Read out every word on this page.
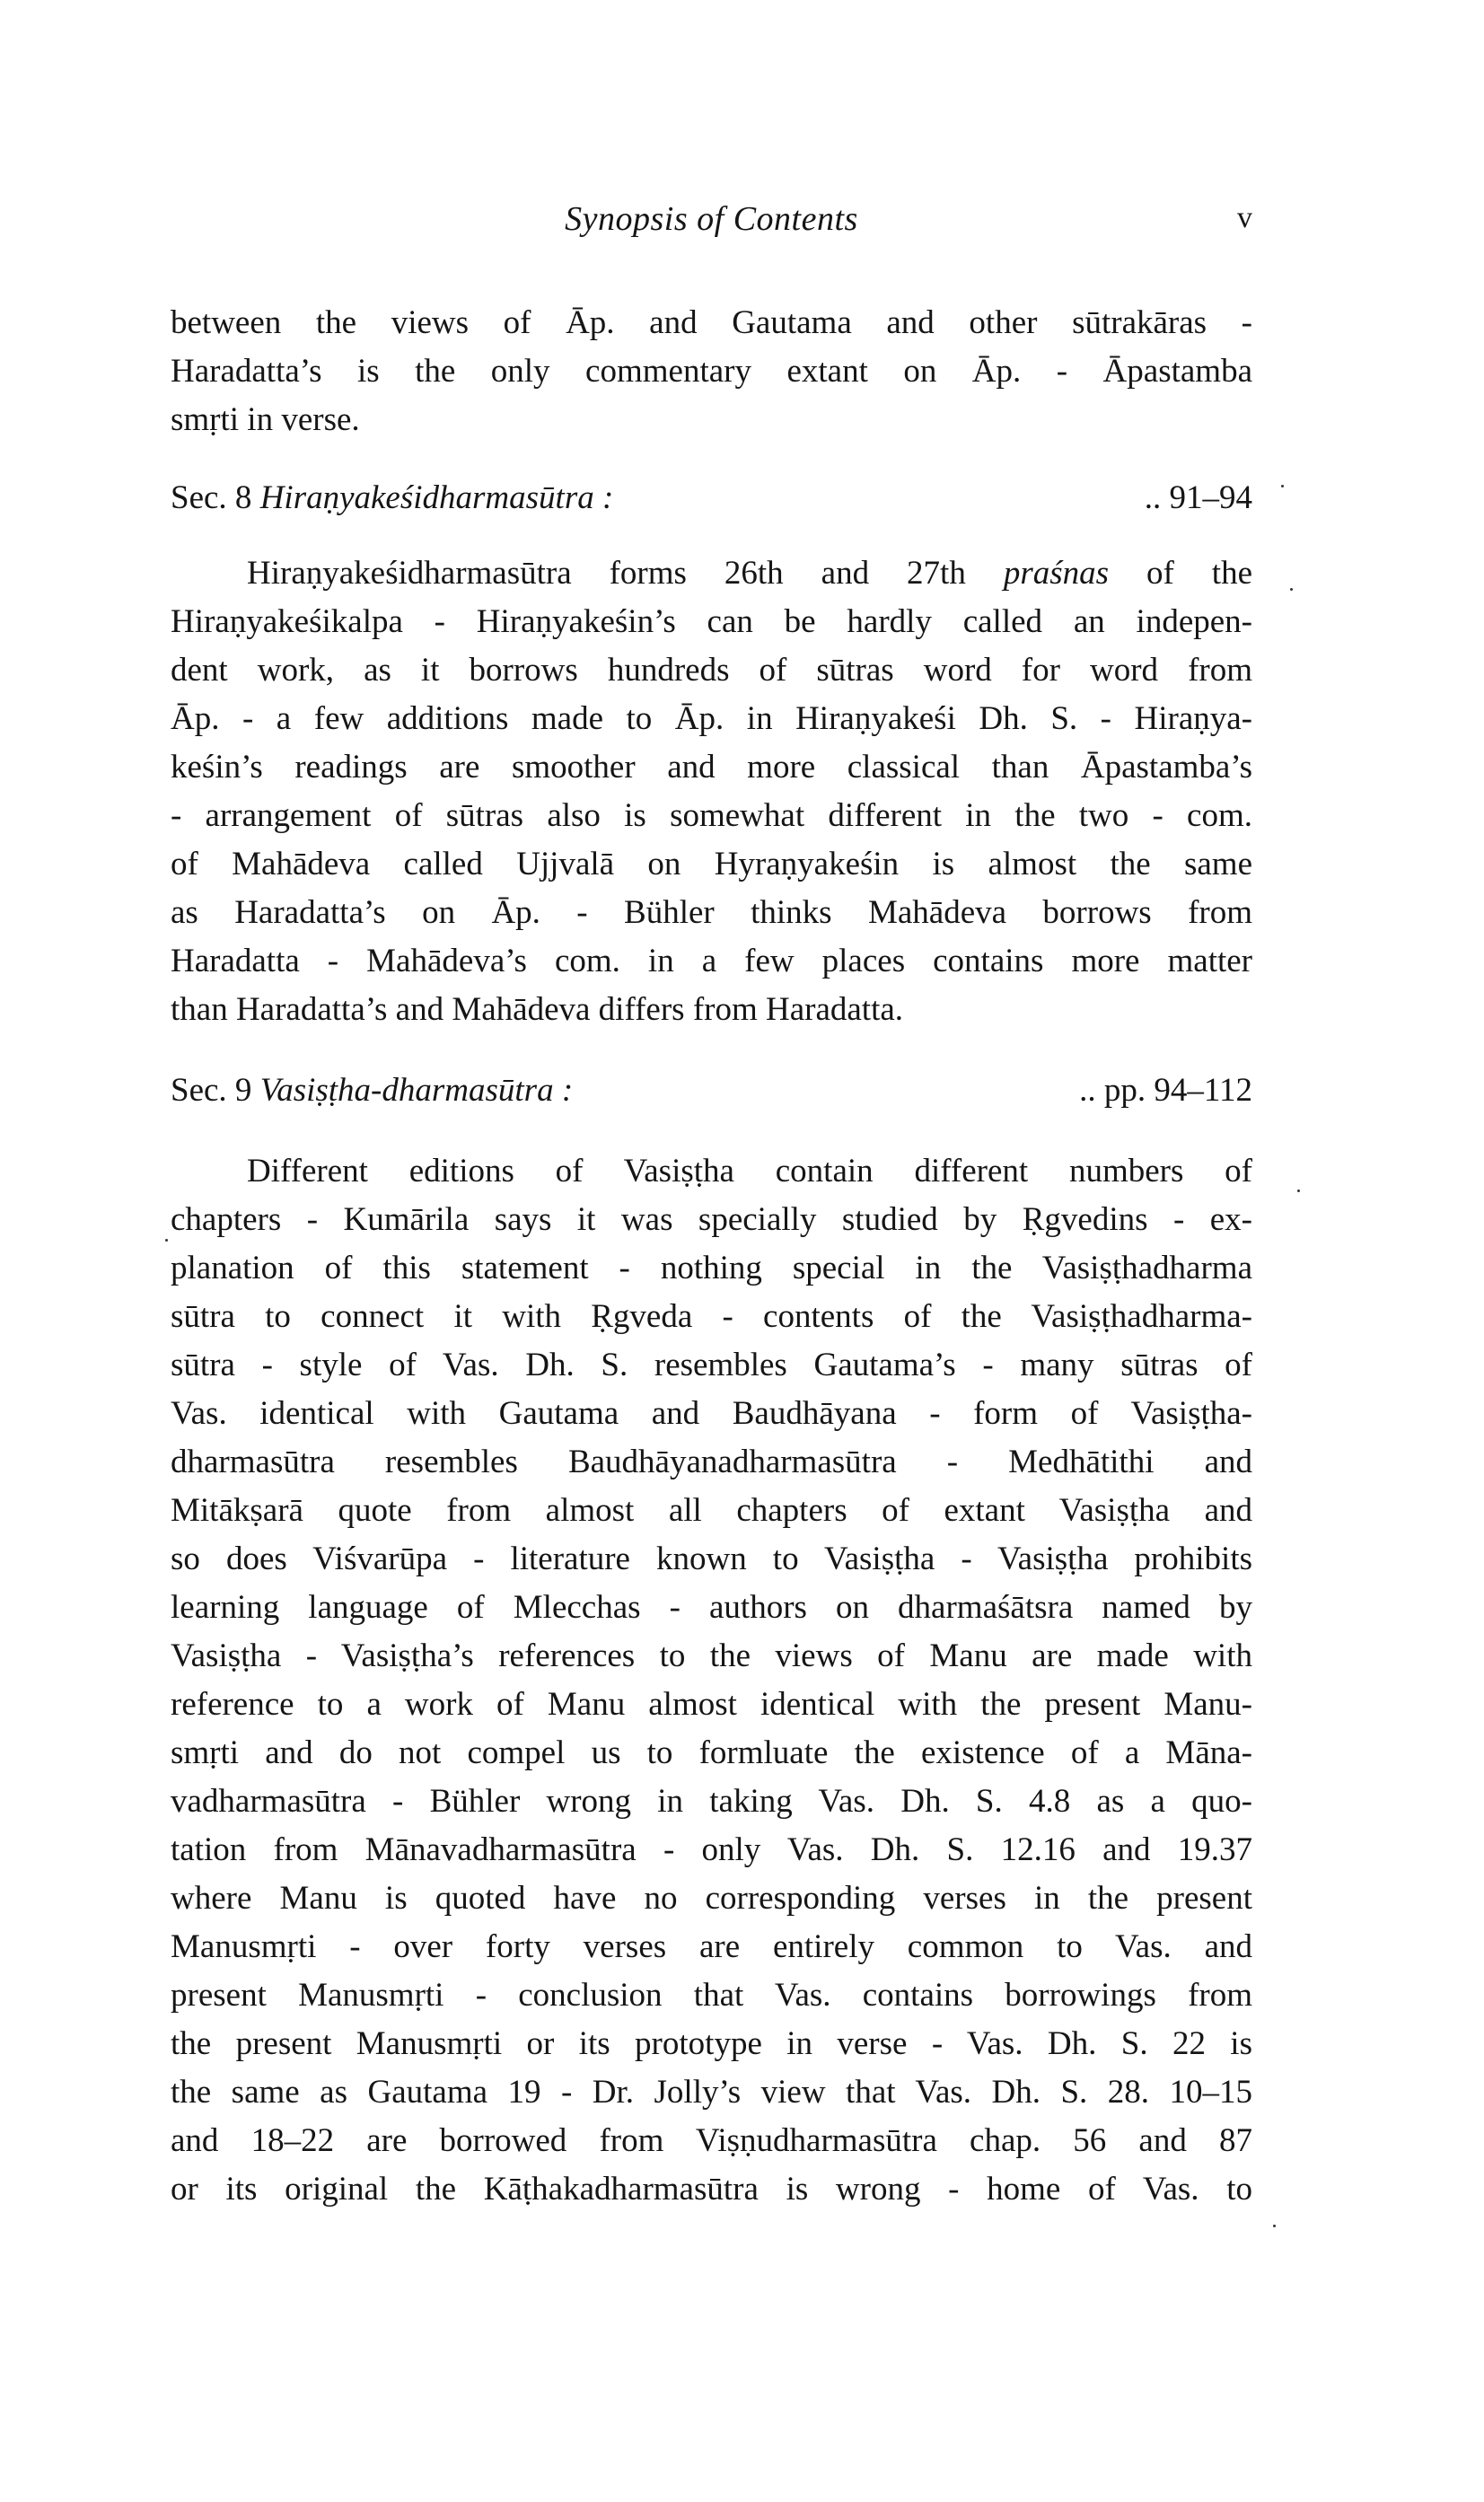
Synopsis of Contents	v
between the views of Āp. and Gautama and other sūtrakāras -
Haradatta’s is the only commentary extant on Āp. - Āpastamba
smṛti in verse.
Sec. 8 Hiraṇyakeśidharmasūtra :	.. 91–94
Hiraṇyakeśidharmasūtra forms 26th and 27th praśnas of the
Hiraṇyakeśikalpa - Hiraṇyakeśin’s can be hardly called an indepen-
dent work, as it borrows hundreds of sūtras word for word from
Āp. - a few additions made to Āp. in Hiraṇyakeśi Dh. S. - Hiraṇya-
keśin’s readings are smoother and more classical than Āpastamba’s
- arrangement of sūtras also is somewhat different in the two - com.
of Mahādeva called Ujjvalā on Hyraṇyakeśin is almost the same
as Haradatta’s on Āp. - Bühler thinks Mahādeva borrows from
Haradatta - Mahādeva’s com. in a few places contains more matter
than Haradatta’s and Mahādeva differs from Haradatta.
Sec. 9 Vasiṣṭha-dharmasūtra :	.. pp. 94–112
Different editions of Vasiṣṭha contain different numbers of
chapters - Kumārila says it was specially studied by Ṛgvedins - ex-
planation of this statement - nothing special in the Vasiṣṭhadharma
sūtra to connect it with Ṛgveda - contents of the Vasiṣṭhadharma-
sūtra - style of Vas. Dh. S. resembles Gautama’s - many sūtras of
Vas. identical with Gautama and Baudhāyana - form of Vasiṣṭha-
dharmasūtra resembles Baudhāyanadharmasūtra - Medhātithi and
Mitākṣarā quote from almost all chapters of extant Vasiṣṭha and
so does Viśvarūpa - literature known to Vasiṣṭha - Vasiṣṭha prohibits
learning language of Mlecchas - authors on dharmaśātsra named by
Vasiṣṭha - Vasiṣṭha’s references to the views of Manu are made with
reference to a work of Manu almost identical with the present Manu-
smṛti and do not compel us to formluate the existence of a Māna-
vadharmasūtra - Bühler wrong in taking Vas. Dh. S. 4.8 as a quo-
tation from Mānavadharmasūtra - only Vas. Dh. S. 12.16 and 19.37
where Manu is quoted have no corresponding verses in the present
Manusmṛti - over forty verses are entirely common to Vas. and
present Manusmṛti - conclusion that Vas. contains borrowings from
the present Manusmṛti or its prototype in verse - Vas. Dh. S. 22 is
the same as Gautama 19 - Dr. Jolly’s view that Vas. Dh. S. 28. 10–15
and 18–22 are borrowed from Viṣṇudharmasūtra chap. 56 and 87
or its original the Kāṭhakadharmasūtra is wrong - home of Vas. to
